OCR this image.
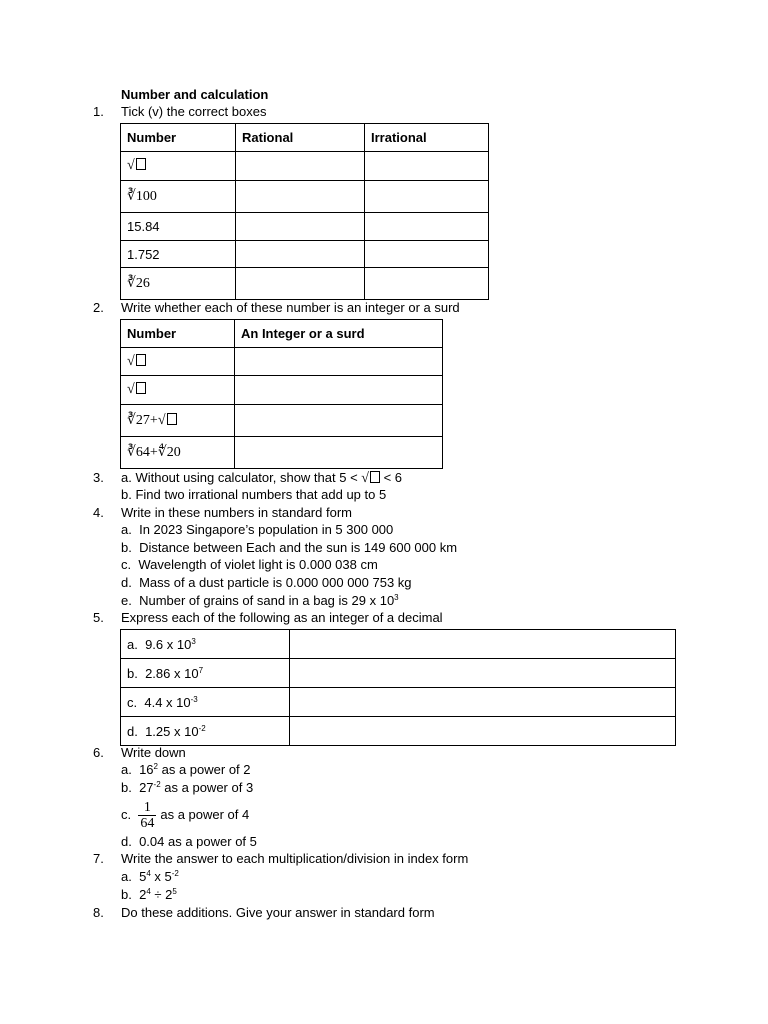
Number and calculation
1. Tick (v) the correct boxes
Number	Rational	Irrational
√		
∛100		
15.84		
1.752		
∛26		
2. Write whether each of these number is an integer or a surd
Number	An Integer or a surd
√	
√	
∛27+√	
∛64+∜20	
3. a. Without using calculator, show that 5 < √ < 6
b. Find two irrational numbers that add up to 5
4. Write in these numbers in standard form
a. In 2023 Singapore’s population in 5 300 000
b. Distance between Each and the sun is 149 600 000 km
c. Wavelength of violet light is 0.000 038 cm
d. Mass of a dust particle is 0.000 000 000 753 kg
e. Number of grains of sand in a bag is 29 x $10^3$
5. Express each of the following as an integer of a decimal
a. 9.6 x $10^3$	
b. 2.86 x $10^7$	
c. 4.4 x $10^{-3}$	
d. 1.25 x $10^{-2}$	
6. Write down
a. $16^2$ as a power of 2
b. $27^{-2}$ as a power of 3
c. $\frac{1}{64}$ as a power of 4
d. 0.04 as a power of 5
7. Write the answer to each multiplication/division in index form
a. $5^4$ x $5^{-2}$
b. $2^4 \div 2^5$
8. Do these additions. Give your answer in standard form
